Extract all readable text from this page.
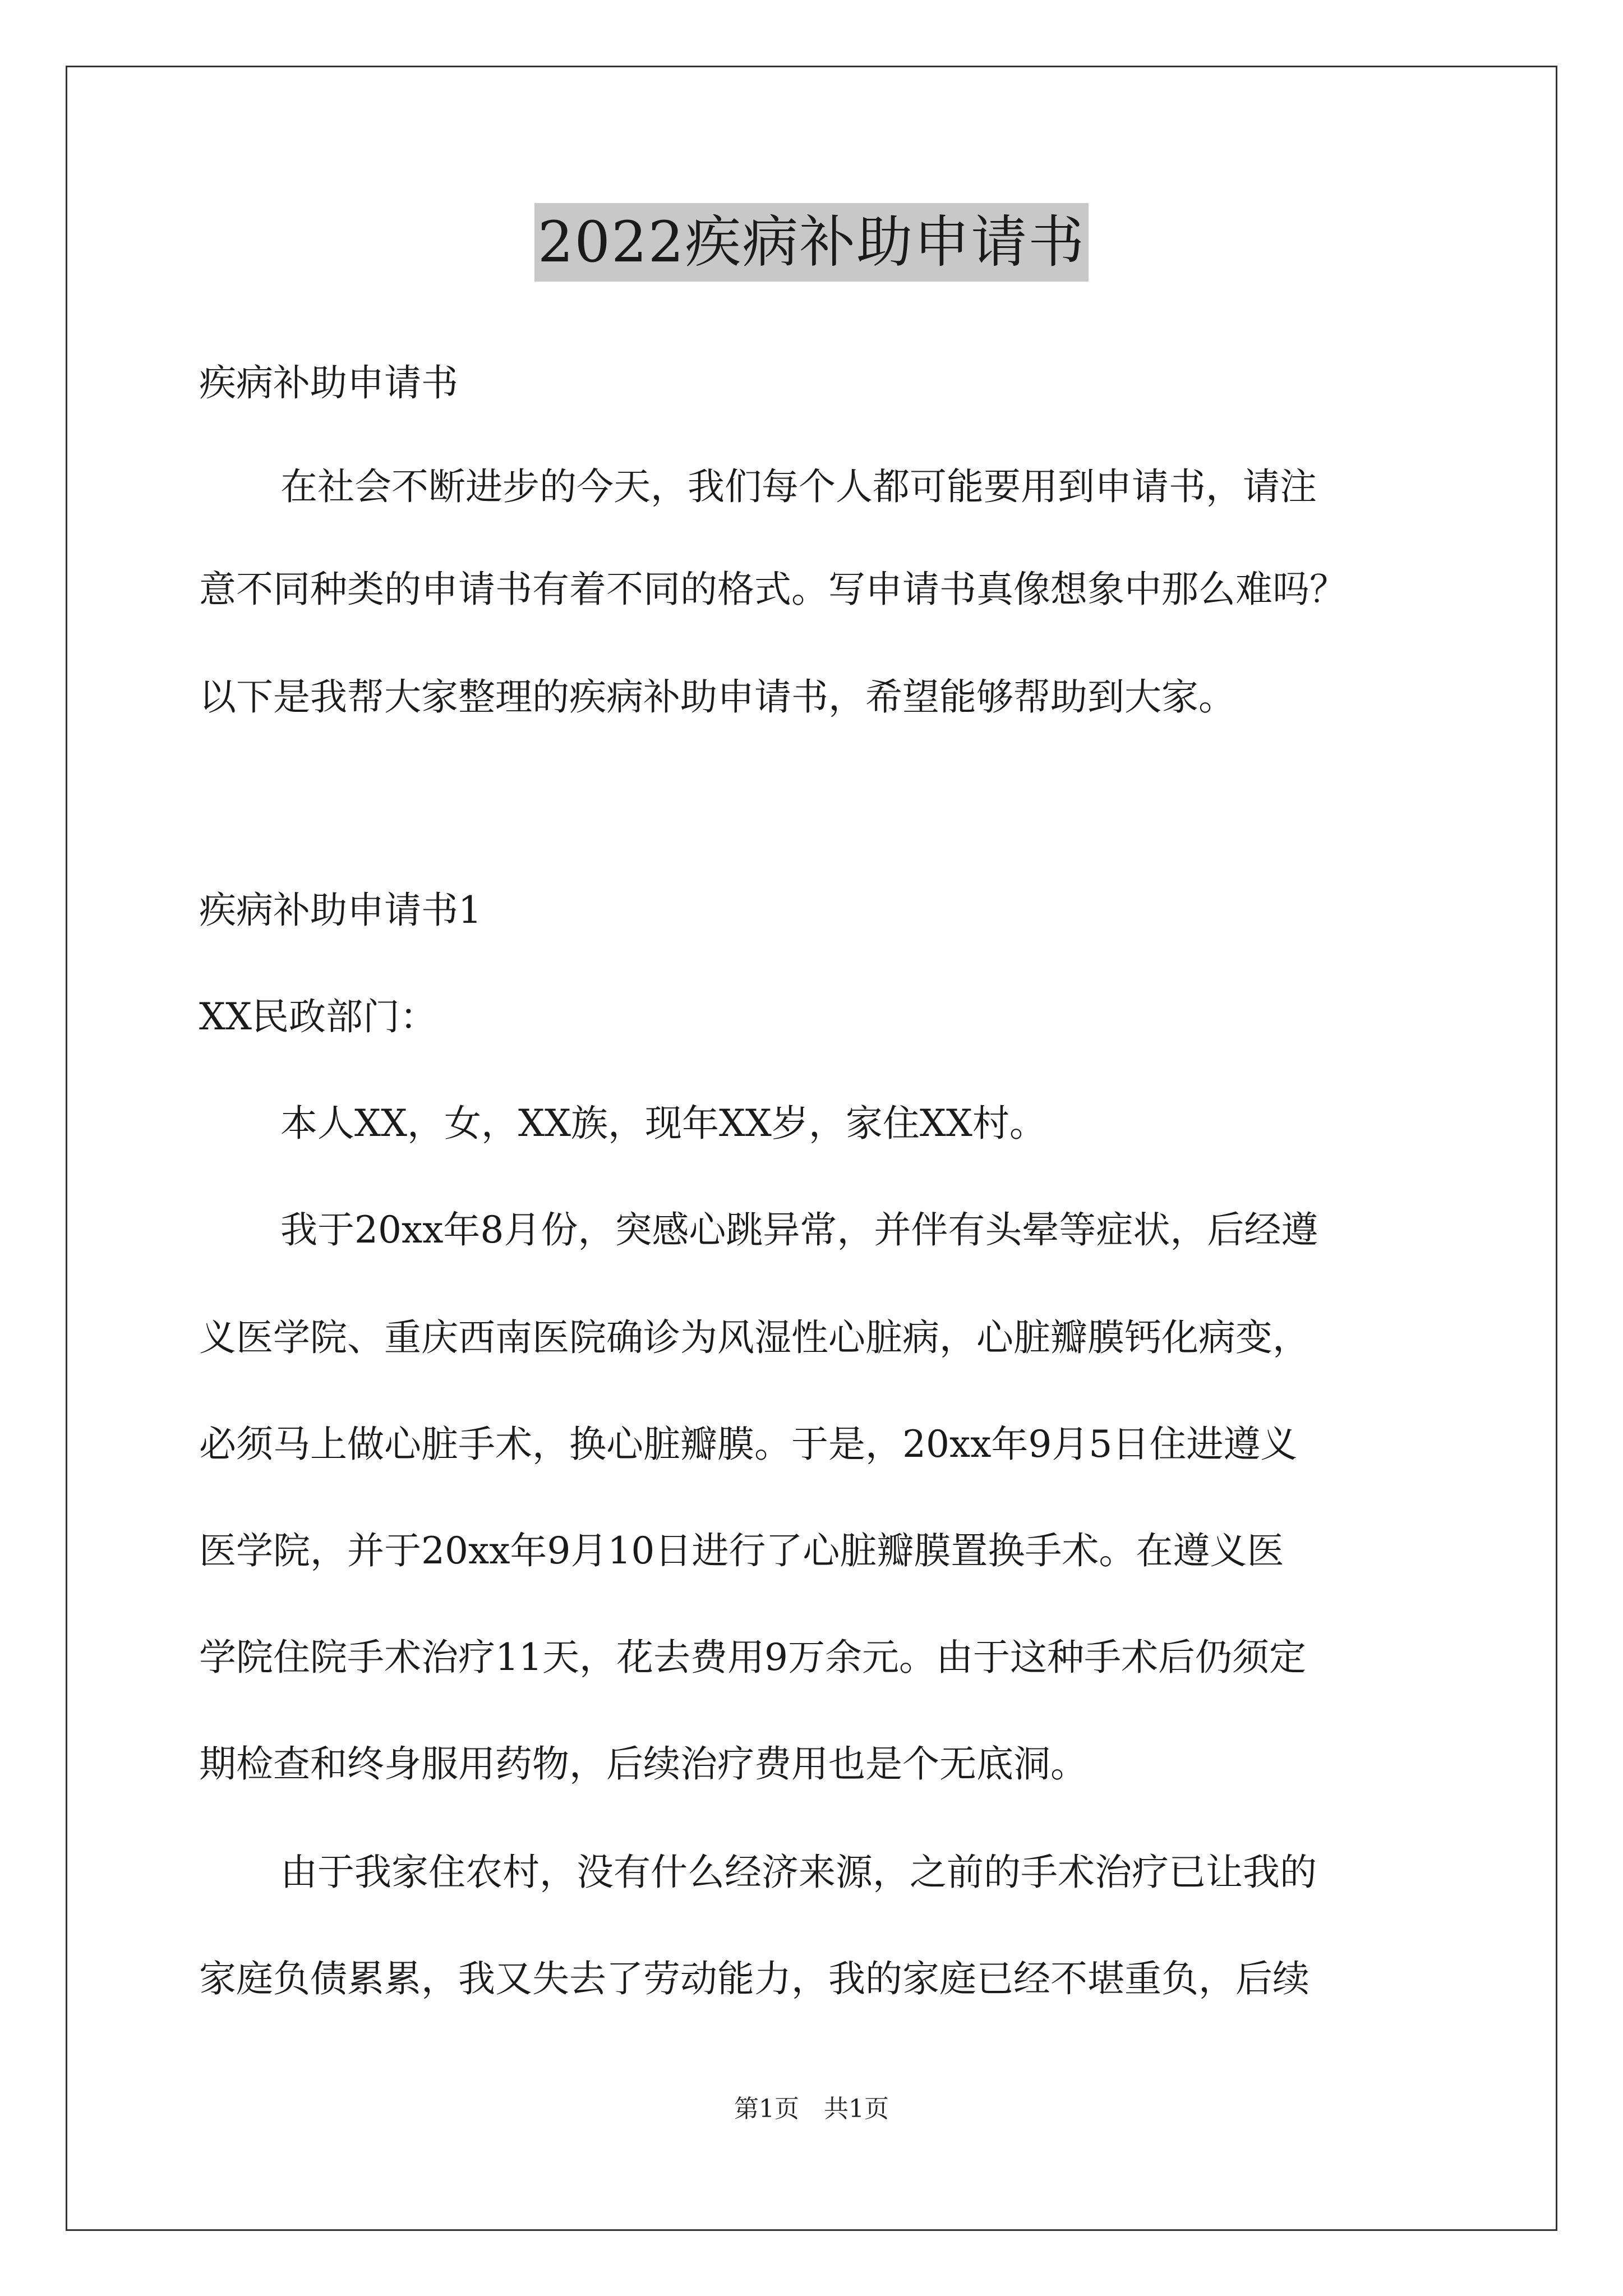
2022疾病补助申请书
疾病补助申请书
在社会不断进步的今天，我们每个人都可能要用到申请书，请注
意不同种类的申请书有着不同的格式。写申请书真像想象中那么难吗？
以下是我帮大家整理的疾病补助申请书，希望能够帮助到大家。
疾病补助申请书1
XX民政部门：
本人XX，女，XX族，现年XX岁，家住XX村。
我于20xx年8月份，突感心跳异常，并伴有头晕等症状，后经遵
义医学院、重庆西南医院确诊为风湿性心脏病，心脏瓣膜钙化病变，
必须马上做心脏手术，换心脏瓣膜。于是，20xx年9月5日住进遵义
医学院，并于20xx年9月10日进行了心脏瓣膜置换手术。在遵义医
学院住院手术治疗11天，花去费用9万余元。由于这种手术后仍须定
期检查和终身服用药物，后续治疗费用也是个无底洞。
由于我家住农村，没有什么经济来源，之前的手术治疗已让我的
家庭负债累累，我又失去了劳动能力，我的家庭已经不堪重负，后续
第1页　共1页
